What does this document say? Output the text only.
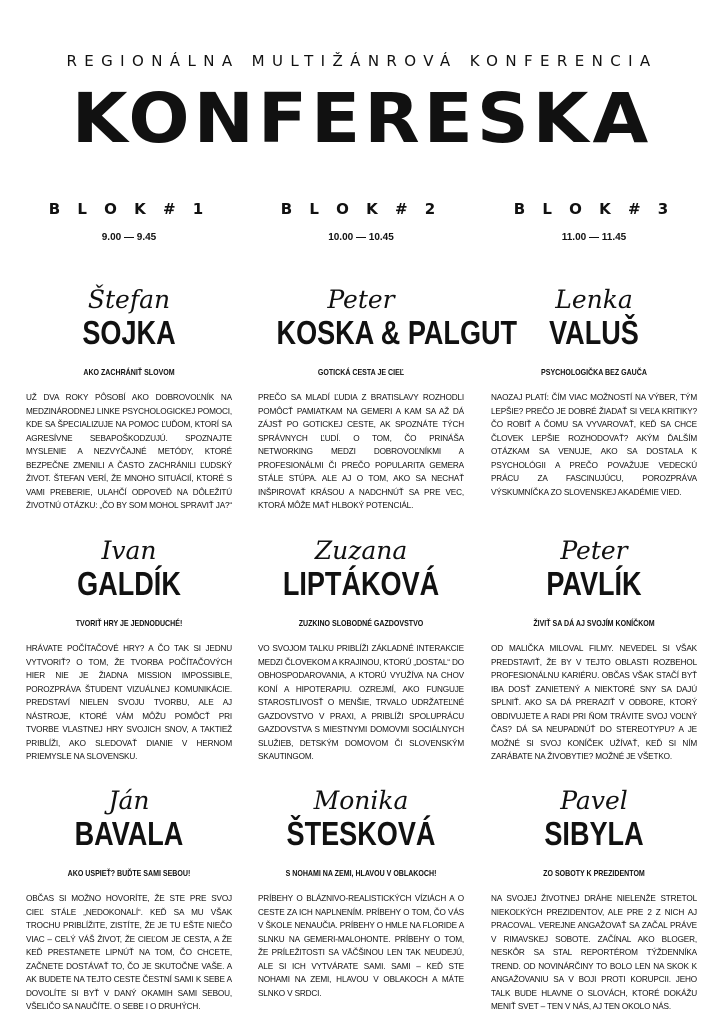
REGIONÁLNA MULTIŽÁNROVÁ KONFERENCIA
KONFERESKA
B L O K # 1
9.00 — 9.45
Štefan
SOJKA
AKO ZACHRÁNIŤ SLOVOM
UŽ DVA ROKY PÔSOBÍ AKO DOBROVOĽNÍK NA MEDZINÁRODNEJ LINKE PSYCHOLOGICKEJ POMOCI, KDE SA ŠPECIALIZUJE NA POMOC ĽUĎOM, KTORÍ SA AGRESÍVNE SEBAPOŠKODZUJÚ. SPOZNAJTE MYSLENIE A NEZVYČAJNÉ METÓDY, KTORÉ BEZPEČNE ZMENILI A ČASTO ZACHRÁNILI ĽUDSKÝ ŽIVOT. ŠTEFAN VERÍ, ŽE MNOHO SITUÁCIÍ, KTORÉ S VAMI PREBERIE, ULAHČÍ ODPOVEĎ NA DÔLEŽITÚ ŽIVOTNÚ OTÁZKU: „ČO BY SOM MOHOL SPRAVIŤ JA?“
Ivan
GALDÍK
TVORIŤ HRY JE JEDNODUCHÉ!
HRÁVATE POČÍTAČOVÉ HRY? A ČO TAK SI JEDNU VYTVORIŤ? O TOM, ŽE TVORBA POČÍTAČOVÝCH HIER NIE JE ŽIADNA MISSION IMPOSSIBLE, POROZPRÁVA ŠTUDENT VIZUÁLNEJ KOMUNIKÁCIE. PREDSTAVÍ NIELEN SVOJU TVORBU, ALE AJ NÁSTROJE, KTORÉ VÁM MÔŽU POMÔCŤ PRI TVORBE VLASTNEJ HRY SVOJICH SNOV, A TAKTIEŽ PRIBLÍŽI, AKO SLEDOVAŤ DIANIE V HERNOM PRIEMYSLE NA SLOVENSKU.
Ján
BAVALA
AKO USPIEŤ? BUĎTE SAMI SEBOU!
OBČAS SI MOŽNO HOVORÍTE, ŽE STE PRE SVOJ CIEĽ STÁLE „NEDOKONALÍ“. KEĎ SA MU VŠAK TROCHU PRIBLÍŽITE, ZISTÍTE, ŽE JE TU EŠTE NIEČO VIAC – CELÝ VÁŠ ŽIVOT, ŽE CIEĽOM JE CESTA, A ŽE KEĎ PRESTANETE LIPNÚŤ NA TOM, ČO CHCETE, ZAČNETE DOSTÁVAŤ TO, ČO JE SKUTOČNE VAŠE. A AK BUDETE NA TEJTO CESTE ČESTNÍ SAMI K SEBE A DOVOLÍTE SI BYŤ V DANÝ OKAMIH SAMI SEBOU, VŠELIČO SA NAUČÍTE. O SEBE I O DRUHÝCH.
B L O K # 2
10.00 — 10.45
Peter
KOSKA & PALGUT
GOTICKÁ CESTA JE CIEĽ
PREČO SA MLADÍ ĽUDIA Z BRATISLAVY ROZHODLI POMÔCŤ PAMIATKAM NA GEMERI A KAM SA AŽ DÁ ZÁJSŤ PO GOTICKEJ CESTE, AK SPOZNÁTE TÝCH SPRÁVNYCH ĽUDÍ. O TOM, ČO PRINÁŠA NETWORKING MEDZI DOBROVOĽNÍKMI A PROFESIONÁLMI ČI PREČO POPULARITA GEMERA STÁLE STÚPA. ALE AJ O TOM, AKO SA NECHAŤ INŠPIROVAŤ KRÁSOU A NADCHNÚŤ SA PRE VEC, KTORÁ MÔŽE MAŤ HLBOKÝ POTENCIÁL.
Zuzana
LIPTÁKOVÁ
ZUZKINO SLOBODNÉ GAZDOVSTVO
VO SVOJOM TALKU PRIBLÍŽI ZÁKLADNÉ INTERAKCIE MEDZI ČLOVEKOM A KRAJINOU, KTORÚ „DOSTAL“ DO OBHOSPODAROVANIA, A KTORÚ VYUŽÍVA NA CHOV KONÍ A HIPOTERAPIU. OZREJMÍ, AKO FUNGUJE STAROSTLIVOSŤ O MENŠIE, TRVALO UDRŽATEĽNÉ GAZDOVSTVO V PRAXI, A PRIBLÍŽI SPOLUPRÁCU GAZDOVSTVA S MIESTNYMI DOMOVMI SOCIÁLNYCH SLUŽIEB, DETSKÝM DOMOVOM ČI SLOVENSKÝM SKAUTINGOM.
Monika
ŠTESKOVÁ
S NOHAMI NA ZEMI, HLAVOU V OBLAKOCH!
PRÍBEHY O BLÁZNIVO-REALISTICKÝCH VÍZIÁCH A O CESTE ZA ICH NAPLNENÍM. PRÍBEHY O TOM, ČO VÁS V ŠKOLE NENAUČIA. PRÍBEHY O HMLE NA FLORIDE A SLNKU NA GEMERI-MALOHONTE. PRÍBEHY O TOM, ŽE PRÍLEŽITOSTI SA VÄČŠINOU LEN TAK NEUDEJÚ, ALE SI ICH VYTVÁRATE SAMI. SAMI – KEĎ STE NOHAMI NA ZEMI, HLAVOU V OBLAKOCH A MÁTE SLNKO V SRDCI.
B L O K # 3
11.00 — 11.45
Lenka
VALUŠ
PSYCHOLOGIČKA BEZ GAUČA
NAOZAJ PLATÍ: ČÍM VIAC MOŽNOSTÍ NA VÝBER, TÝM LEPŠIE? PREČO JE DOBRÉ ŽIADAŤ SI VEĽA KRITIKY? ČO ROBIŤ A ČOMU SA VYVAROVAŤ, KEĎ SA CHCE ČLOVEK LEPŠIE ROZHODOVAŤ? AKÝM ĎALŠÍM OTÁZKAM SA VENUJE, AKO SA DOSTALA K PSYCHOLÓGII A PREČO POVAŽUJE VEDECKÚ PRÁCU ZA FASCINUJÚCU, POROZPRÁVA VÝSKUMNÍČKA ZO SLOVENSKEJ AKADÉMIE VIED.
Peter
PAVLÍK
ŽIVIŤ SA DÁ AJ SVOJÍM KONÍČKOM
OD MALIČKA MILOVAL FILMY. NEVEDEL SI VŠAK PREDSTAVIŤ, ŽE BY V TEJTO OBLASTI ROZBEHOL PROFESIONÁLNU KARIÉRU. OBČAS VŠAK STAČÍ BYŤ IBA DOSŤ ZANIETENÝ A NIEKTORÉ SNY SA DAJÚ SPLNIŤ. AKO SA DÁ PRERAZIŤ V ODBORE, KTORÝ OBDIVUJETE A RADI PRI ŇOM TRÁVITE SVOJ VOĽNÝ ČAS? DÁ SA NEUPADNÚŤ DO STEREOTYPU? A JE MOŽNÉ SI SVOJ KONÍČEK UŽÍVAŤ, KEĎ SI NÍM ZARÁBATE NA ŽIVOBYTIE? MOŽNÉ JE VŠETKO.
Pavel
SIBYLA
ZO SOBOTY K PREZIDENTOM
NA SVOJEJ ŽIVOTNEJ DRÁHE NIELENŽE STRETOL NIEKOĽKÝCH PREZIDENTOV, ALE PRE 2 Z NICH AJ PRACOVAL. VEREJNE ANGAŽOVAŤ SA ZAČAL PRÁVE V RIMAVSKEJ SOBOTE. ZAČÍNAL AKO BLOGER, NESKÔR SA STAL REPORTÉROM TÝŽDENNÍKA TREND. OD NOVINÁRČINY TO BOLO LEN NA SKOK K ANGAŽOVANIU SA V BOJI PROTI KORUPCII. JEHO TALK BUDE HLAVNE O SLOVÁCH, KTORÉ DOKÁŽU MENIŤ SVET – TEN V NÁS, AJ TEN OKOLO NÁS.
